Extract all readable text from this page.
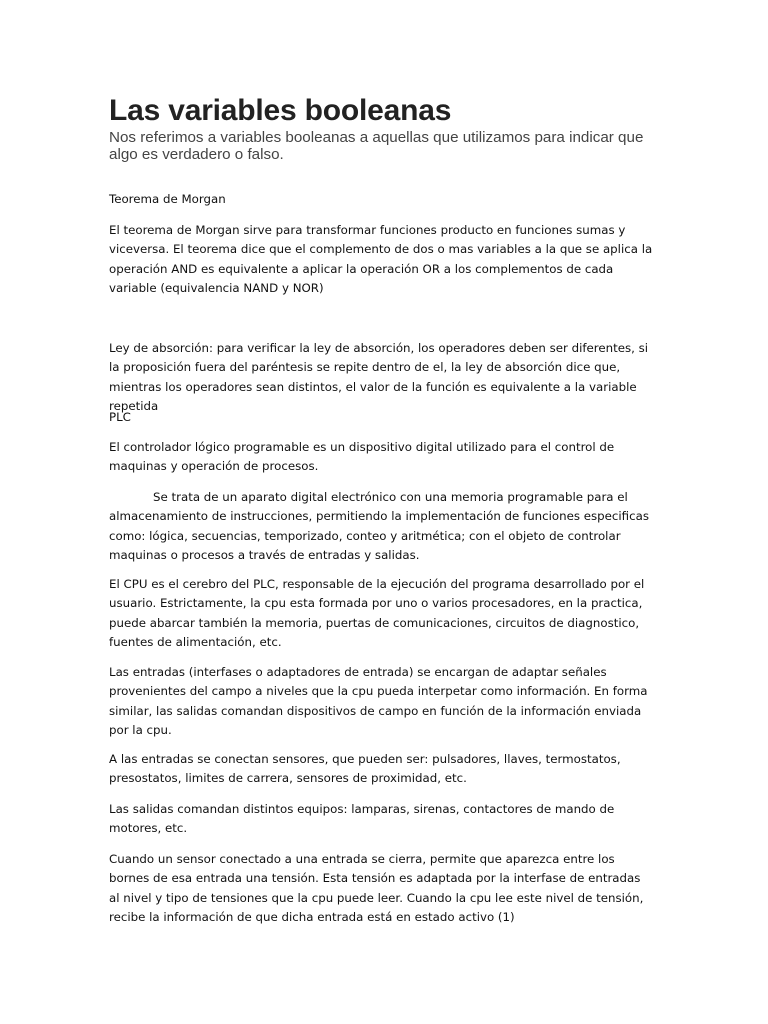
Las variables booleanas
Nos referimos a variables booleanas a aquellas que utilizamos para indicar que algo es verdadero o falso.

Teorema de Morgan

El teorema de Morgan sirve para transformar funciones producto en funciones sumas y viceversa. El teorema dice que el complemento de dos o mas variables a la que se aplica la operación AND es equivalente a aplicar la operación OR a los complementos de cada variable (equivalencia NAND y NOR)

Ley de absorción: para verificar la ley de absorción, los operadores deben ser diferentes, si la proposición fuera del paréntesis se repite dentro de el, la ley de absorción dice que, mientras los operadores sean distintos, el valor de la función es equivalente a la variable repetida

PLC

El controlador lógico programable es un dispositivo digital utilizado para el control de maquinas y operación de procesos.

Se trata de un aparato digital electrónico con una memoria programable para el almacenamiento de instrucciones, permitiendo la implementación de funciones especificas como: lógica, secuencias, temporizado, conteo y aritmética; con el objeto de controlar maquinas o procesos a través de entradas y salidas.

El CPU es el cerebro del PLC, responsable de la ejecución del programa desarrollado por el usuario. Estrictamente, la cpu esta formada por uno o varios procesadores, en la practica, puede abarcar también la memoria, puertas de comunicaciones, circuitos de diagnostico, fuentes de alimentación, etc.

Las entradas (interfases o adaptadores de entrada) se encargan de adaptar señales provenientes del campo a niveles que la cpu pueda interpetar como información. En forma similar, las salidas comandan dispositivos de campo en función de la información enviada por la cpu.

A las entradas se conectan sensores, que pueden ser: pulsadores, llaves, termostatos, presostatos, limites de carrera, sensores de proximidad, etc.

Las salidas comandan distintos equipos: lamparas, sirenas, contactores de mando de motores, etc.

Cuando un sensor conectado a una entrada se cierra, permite que aparezca entre los bornes de esa entrada una tensión. Esta tensión es adaptada por la interfase de entradas al nivel y tipo de tensiones que la cpu puede leer. Cuando la cpu lee este nivel de tensión, recibe la información de que dicha entrada está en estado activo (1)
